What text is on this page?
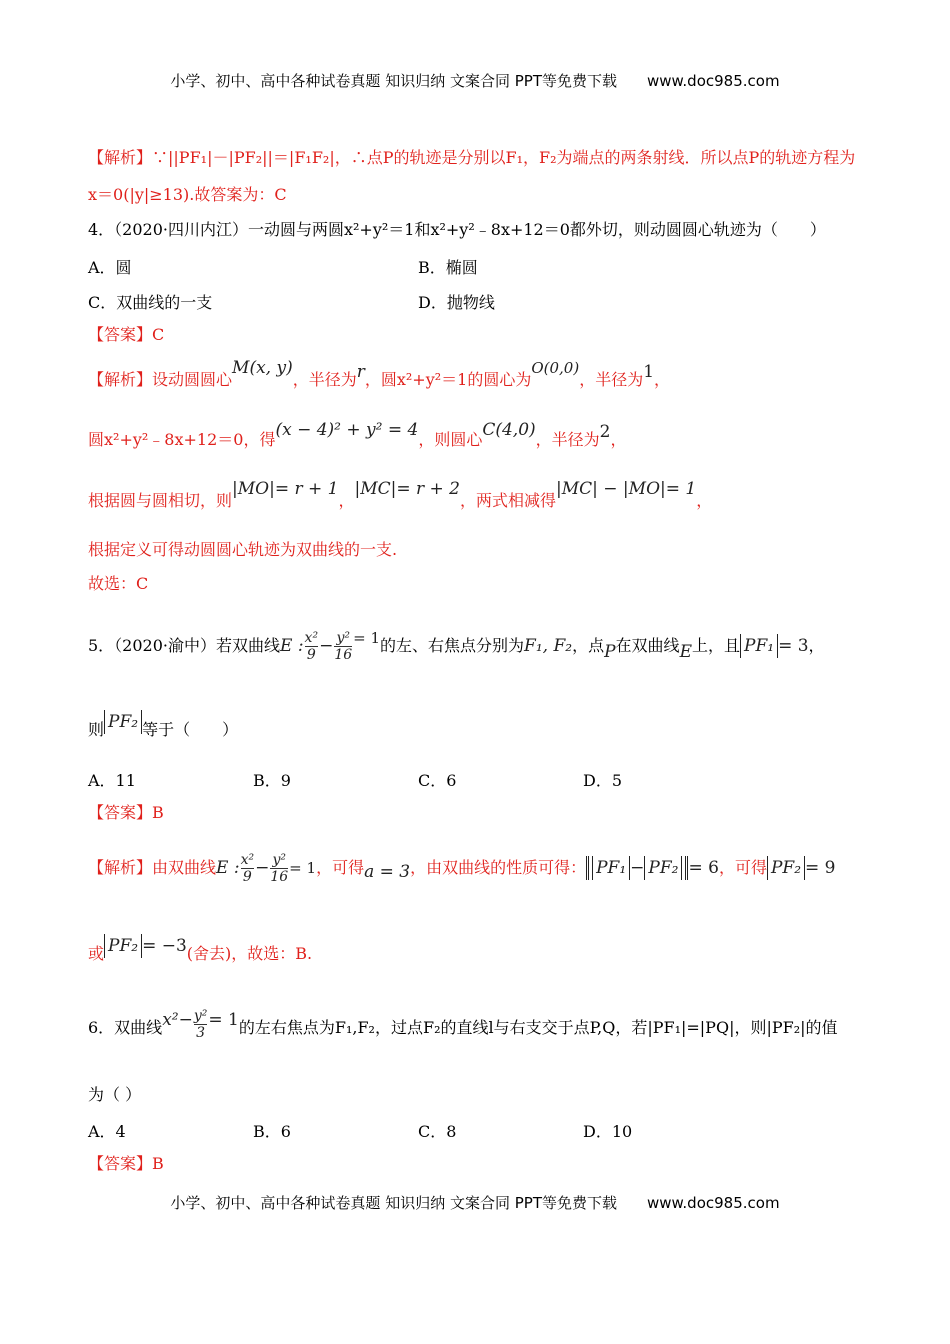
小学、初中、高中各种试卷真题 知识归纳 文案合同 PPT等免费下载　　www.doc985.com
【解析】∵||PF₁|－|PF₂||＝|F₁F₂|，∴点P的轨迹是分别以F₁，F₂为端点的两条射线．所以点P的轨迹方程为
x＝0(|y|≥13).故答案为：C
4．（2020·四川内江）一动圆与两圆x²+y²＝1和x²+y²﹣8x+12＝0都外切，则动圆圆心轨迹为（　　）
A．圆	B．椭圆
C．双曲线的一支	D．抛物线
【答案】C
【解析】设动圆圆心M(x, y)，半径为r，圆x²+y²＝1的圆心为O(0,0)，半径为1，
圆x²+y²﹣8x+12＝0，得(x − 4)² + y² = 4，则圆心C(4,0)，半径为2，
根据圆与圆相切，则|MO|= r + 1，|MC|= r + 2，两式相减得|MC| − |MO|= 1，
根据定义可得动圆圆心轨迹为双曲线的一支.
故选：C
5．（2020·渝中）若双曲线E : $\frac{\text{x²}}{9} - \frac{\text{y²}}{16} = 1$的左、右焦点分别为F₁, F₂，点P在双曲线E上，且 PF₁ = 3，
则 PF₂ 等于（　　）
A．11	B．9	C．6	D．5
【答案】B
【解析】由双曲线E : $\frac{\text{x²}}{9} - \frac{\text{y²}}{16} = 1$，可得a = 3，由双曲线的性质可得： PF₁ − PF₂ = 6，可得 PF₂ = 9
或 PF₂ = −3(舍去)，故选：B.
6．双曲线$x^2- \frac{\text{y²}}{3} = 1$的左右焦点为F₁,F₂，过点F₂的直线l与右支交于点P,Q，若|PF₁|=|PQ|，则|PF₂|的值
为（ ）
A．4	B．6	C．8	D．10
【答案】B
小学、初中、高中各种试卷真题 知识归纳 文案合同 PPT等免费下载　　www.doc985.com
